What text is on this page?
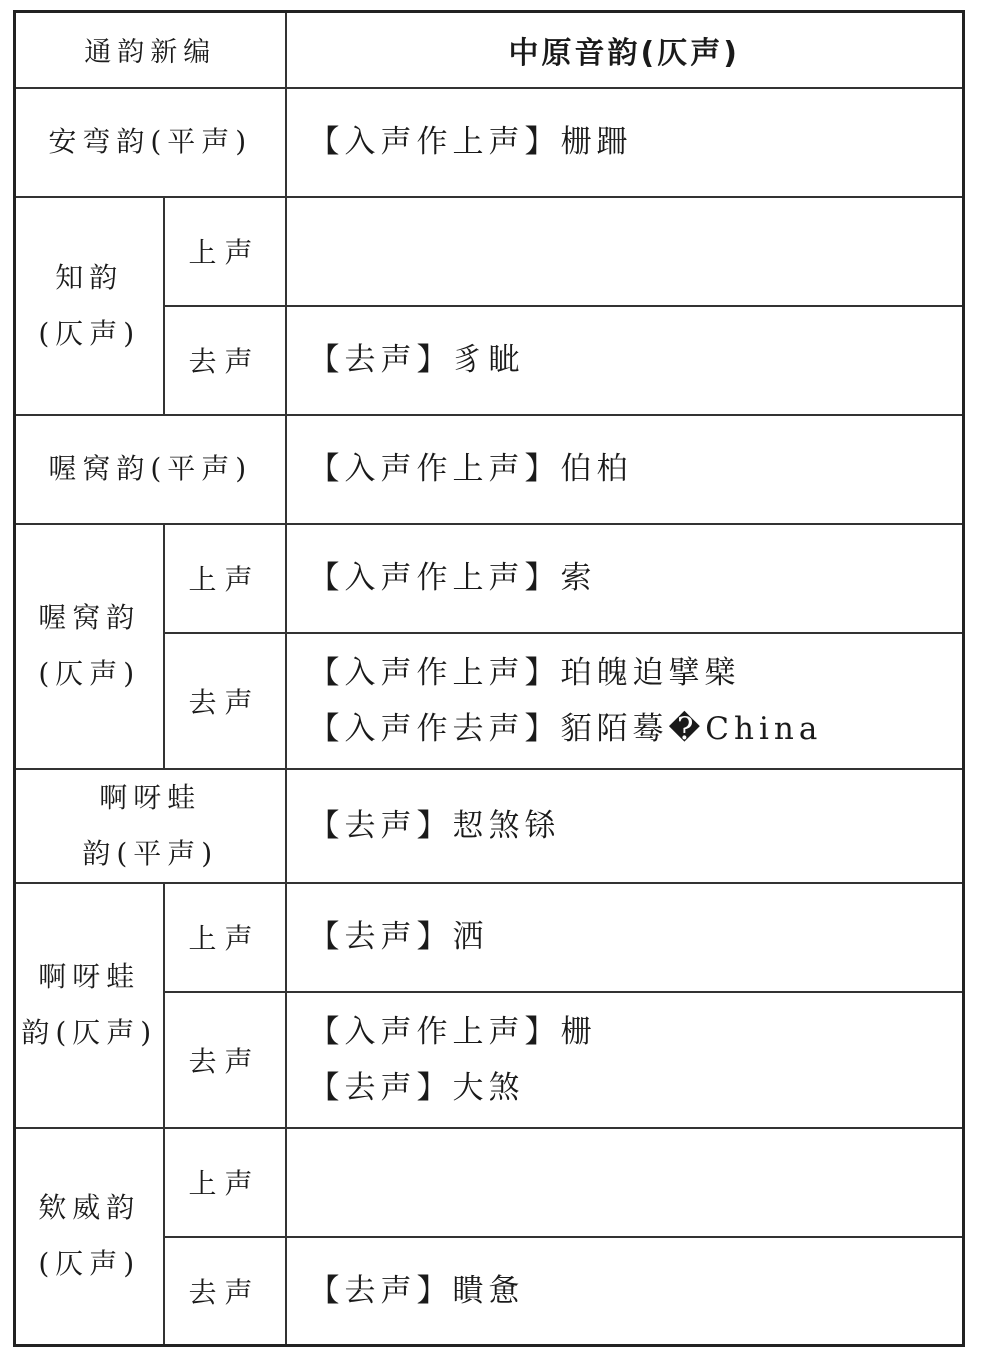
通韵新编		中原音韵(仄声)
安弯韵(平声)		【入声作上声】栅跚

知韵
(仄声)	上声	
	去声	【去声】豸眦

喔窝韵(平声)		【入声作上声】伯柏

喔窝韵
(仄声)	上声	【入声作上声】索

	去声	【入声作上声】珀魄迫擘檗
【入声作去声】貊陌蓦�China

啊呀蛙
韵(平声)		【去声】恝煞铩

啊呀蛙
韵(仄声)	上声	【去声】洒

	去声	【入声作上声】栅
【去声】大煞

欸威韵
(仄声)	上声	
	去声	【去声】瞶惫
